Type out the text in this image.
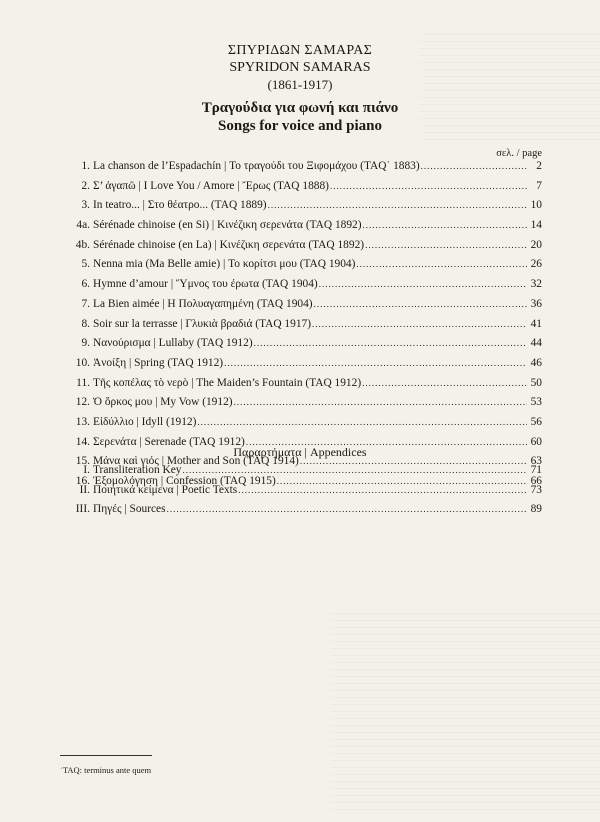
ΣΠΥΡΙΔΩΝ ΣΑΜΑΡΑΣ
SPYRIDON SAMARAS
(1861-1917)
Τραγούδια για φωνή και πιάνο
Songs for voice and piano
σελ. / page
1. La chanson de l’Espadachín | Το τραγούδι του Ξιφομάχου (TAQ˙ 1883) .....	2
2. Σ’ ἀγαπῶ | I Love You / Amore | Ἔρως (TAQ 1888) .....	7
3. In teatro... | Στο θέατρο... (TAQ 1889) .....	10
4a. Sérénade chinoise (en Si) | Κινέζικη σερενάτα (TAQ 1892) .....	14
4b. Sérénade chinoise (en La) | Κινέζικη σερενάτα (TAQ 1892) .....	20
5. Nenna mia (Ma Belle amie) | Το κορίτσι μου (TAQ 1904) .....	26
6. Hymne d’amour | Ὕμνος του έρωτα (TAQ 1904) .....	32
7. La Bien aimée | Η Πολυαγαπημένη (TAQ 1904) .....	36
8. Soir sur la terrasse | Γλυκιὰ βραδιά (TAQ 1917) .....	41
9. Νανούρισμα | Lullaby (TAQ 1912) .....	44
10. Ἀνοίξη | Spring (TAQ 1912) .....	46
11. Τῆς κοπέλας τὸ νερὸ | The Maiden’s Fountain (TAQ 1912) .....	50
12. Ὁ ὅρκος μου | My Vow (1912) .....	53
13. Εἰδύλλιο | Idyll (1912) .....	56
14. Σερενάτα | Serenade (TAQ 1912) .....	60
15. Μάνα καὶ γιός | Mother and Son (TAQ 1914) .....	63
16. Ἐξομολόγηση | Confession (TAQ 1915) .....	66
Παραρτήματα | Appendices
I. Transliteration Key .....	71
II. Ποιητικά κείμενα | Poetic Texts .....	73
III. Πηγές | Sources .....	89
˙TAQ: terminus ante quem
